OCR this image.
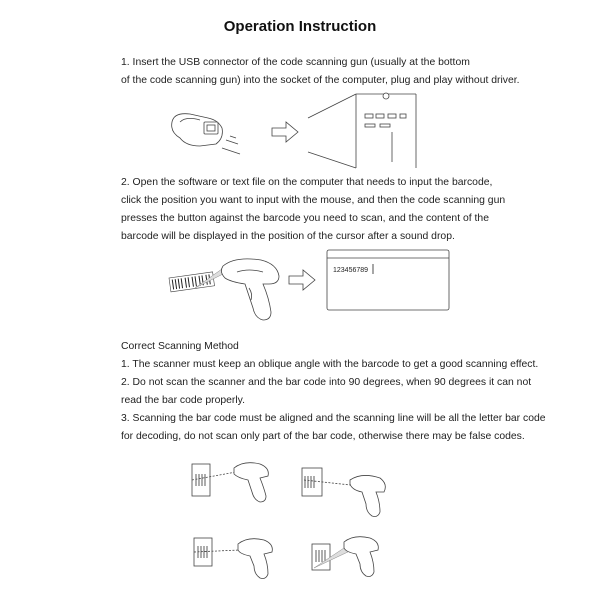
Operation Instruction
1. Insert the USB connector of the code scanning gun (usually at the bottom
of the code scanning gun) into the socket of the computer, plug and play without driver.
2. Open the software or text file on the computer that needs to input the barcode,
click the position you want to input with the mouse, and then the code scanning gun
presses the button against the barcode you need to scan, and the content of the
barcode will be displayed in the position of the cursor after a sound drop.
123456789
Correct Scanning Method
1. The scanner must keep an oblique angle with the barcode to get a good scanning effect.
2. Do not scan the scanner and the bar code into 90 degrees, when 90 degrees it can not
read the bar code properly.
3. Scanning the bar code must be aligned and the scanning line will be all the letter bar code
for decoding, do not scan only part of the bar code, otherwise there may be false codes.
